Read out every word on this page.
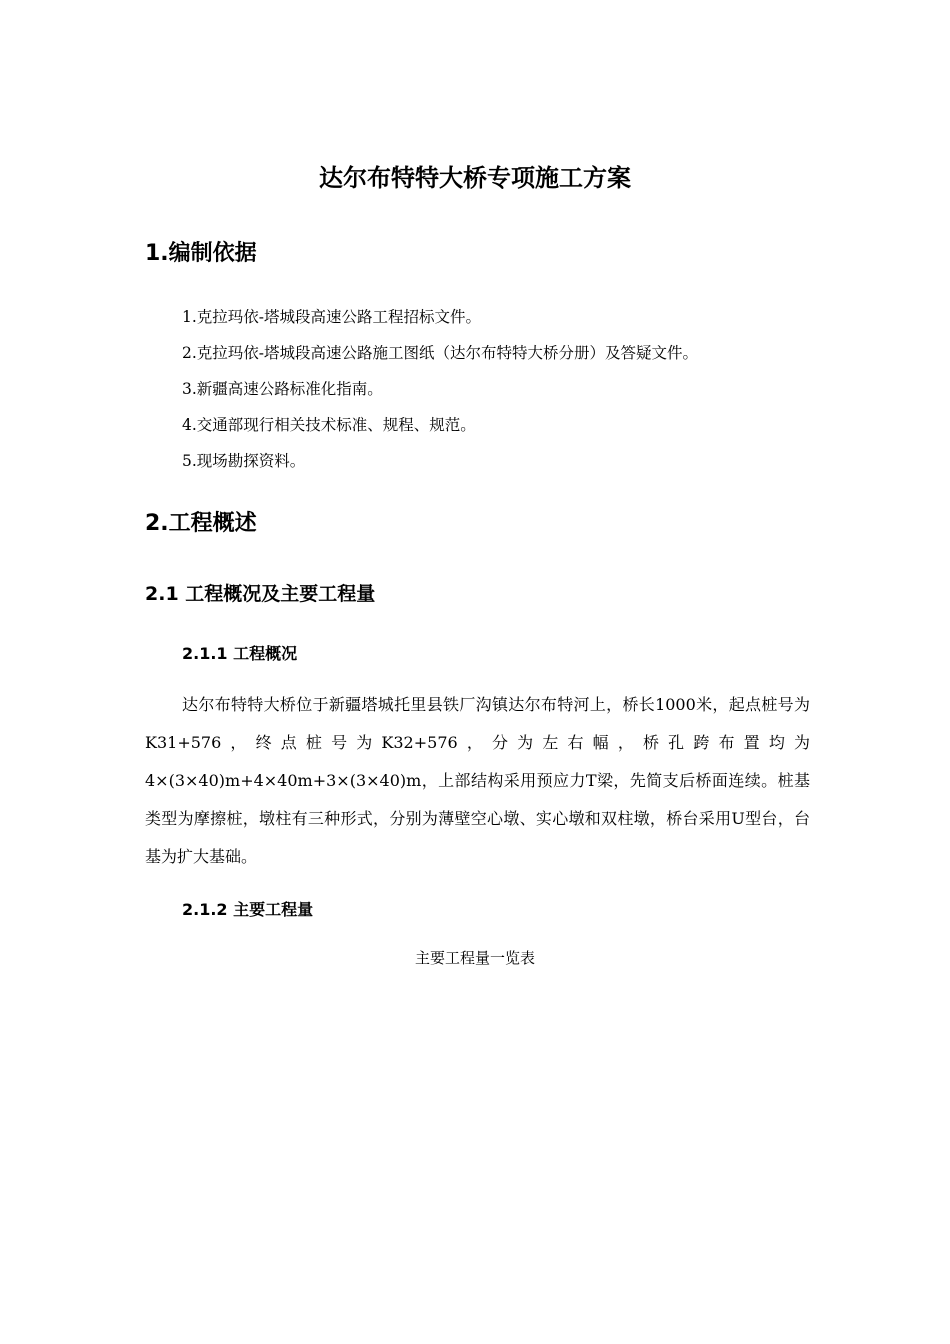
达尔布特特大桥专项施工方案
1.编制依据
1.克拉玛依-塔城段高速公路工程招标文件。
2.克拉玛依-塔城段高速公路施工图纸（达尔布特特大桥分册）及答疑文件。
3.新疆高速公路标准化指南。
4.交通部现行相关技术标准、规程、规范。
5.现场勘探资料。
2.工程概述
2.1 工程概况及主要工程量
2.1.1 工程概况

达尔布特特大桥位于新疆塔城托里县铁厂沟镇达尔布特河上，桥长1000米，起点桩号为K31+576，终点桩号为K32+576，分为左右幅，桥孔跨布置均为4×(3×40)m+4×40m+3×(3×40)m，上部结构采用预应力T梁，先简支后桥面连续。桩基类型为摩擦桩，墩柱有三种形式，分别为薄壁空心墩、实心墩和双柱墩，桥台采用U型台，台基为扩大基础。

2.1.2 主要工程量

主要工程量一览表
